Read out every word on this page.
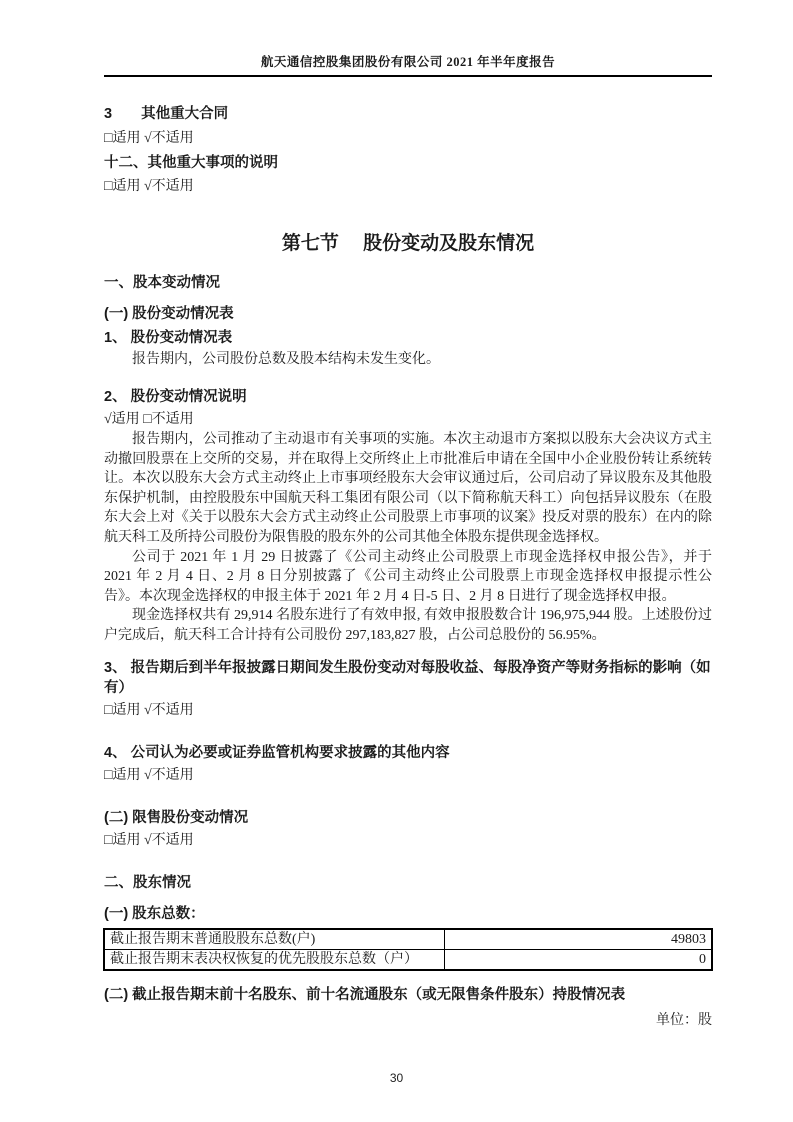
航天通信控股集团股份有限公司 2021 年半年度报告
3　　其他重大合同
□适用 √不适用
十二、其他重大事项的说明
□适用 √不适用
第七节　 股份变动及股东情况
一、股本变动情况
(一) 股份变动情况表
1、 股份变动情况表
报告期内，公司股份总数及股本结构未发生变化。
2、 股份变动情况说明
√适用 □不适用

报告期内，公司推动了主动退市有关事项的实施。本次主动退市方案拟以股东大会决议方式主动撤回股票在上交所的交易，并在取得上交所终止上市批准后申请在全国中小企业股份转让系统转让。本次以股东大会方式主动终止上市事项经股东大会审议通过后，公司启动了异议股东及其他股东保护机制，由控股股东中国航天科工集团有限公司（以下简称航天科工）向包括异议股东（在股东大会上对《关于以股东大会方式主动终止公司股票上市事项的议案》投反对票的股东）在内的除航天科工及所持公司股份为限售股的股东外的公司其他全体股东提供现金选择权。

公司于 2021 年 1 月 29 日披露了《公司主动终止公司股票上市现金选择权申报公告》，并于 2021 年 2 月 4 日、2 月 8 日分别披露了《公司主动终止公司股票上市现金选择权申报提示性公告》。本次现金选择权的申报主体于 2021 年 2 月 4 日-5 日、2 月 8 日进行了现金选择权申报。

现金选择权共有 29,914 名股东进行了有效申报, 有效申报股数合计 196,975,944 股。上述股份过户完成后，航天科工合计持有公司股份 297,183,827 股，占公司总股份的 56.95%。

3、 报告期后到半年报披露日期间发生股份变动对每股收益、每股净资产等财务指标的影响（如有）
□适用 √不适用
4、 公司认为必要或证券监管机构要求披露的其他内容
□适用 √不适用
(二) 限售股份变动情况
□适用 √不适用
二、股东情况
(一) 股东总数：
截止报告期末普通股股东总数(户)	49803
截止报告期末表决权恢复的优先股股东总数（户）	0
(二) 截止报告期末前十名股东、前十名流通股东（或无限售条件股东）持股情况表
单位：股
30
